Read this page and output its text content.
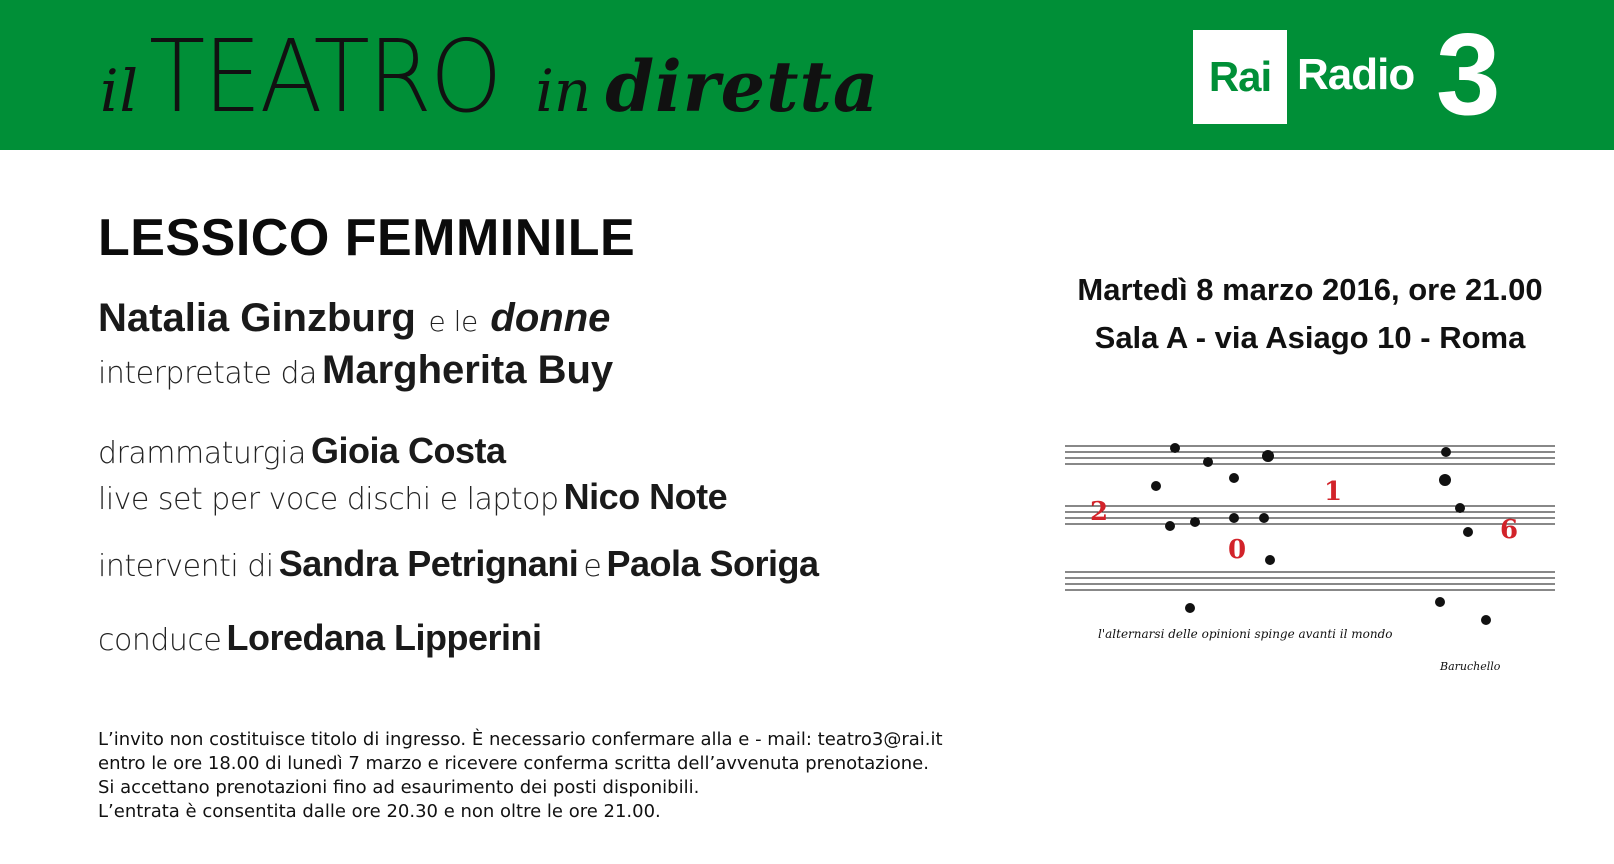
il TEATRO in diretta	Rai Radio 3
LESSICO FEMMINILE
Natalia Ginzburg e le donne
interpretate da Margherita Buy
drammaturgia Gioia Costa
live set per voce dischi e laptop Nico Note
interventi di Sandra Petrignani e Paola Soriga
conduce Loredana Lipperini
Martedì 8 marzo 2016, ore 21.00
Sala A - via Asiago 10 - Roma
2
1
0
6
l'alternarsi delle opinioni spinge avanti il mondo
Baruchello
L’invito non costituisce titolo di ingresso. È necessario confermare alla e - mail: teatro3@rai.it
entro le ore 18.00 di lunedì 7 marzo e ricevere conferma scritta dell’avvenuta prenotazione.
Si accettano prenotazioni fino ad esaurimento dei posti disponibili.
L’entrata è consentita dalle ore 20.30 e non oltre le ore 21.00.
